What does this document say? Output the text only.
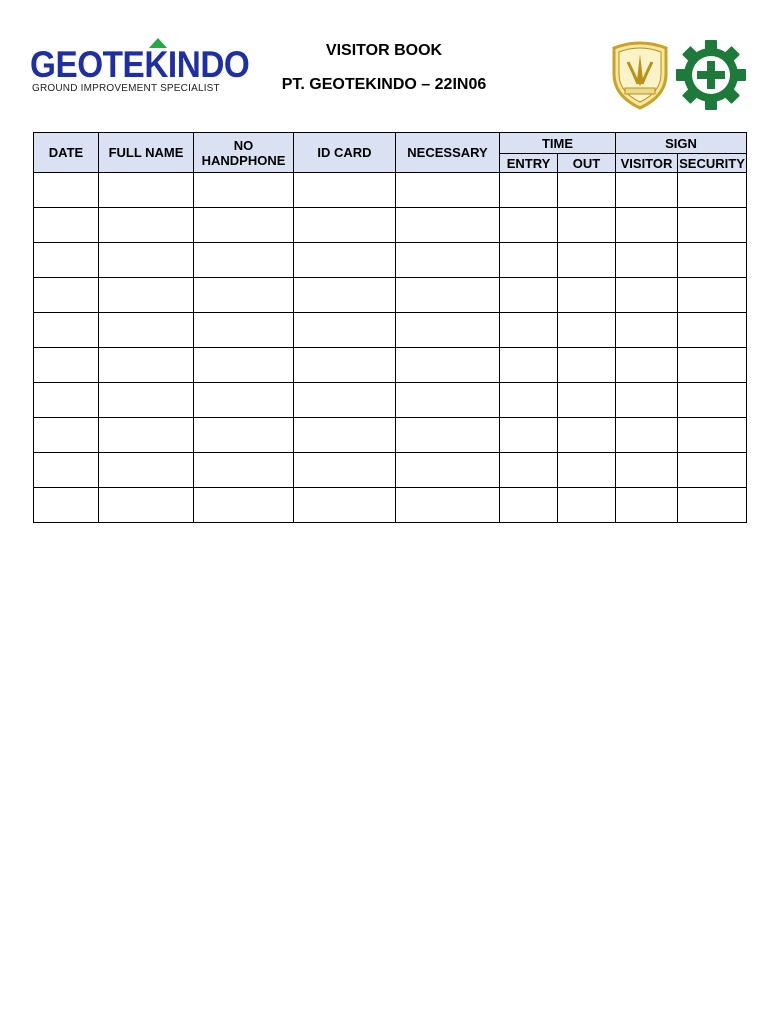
GEOTEKINDO
GROUND IMPROVEMENT SPECIALIST
VISITOR BOOK
PT. GEOTEKINDO – 22IN06
DATE	FULL NAME	NO HANDPHONE	ID CARD	NECESSARY	TIME		SIGN	
					ENTRY	OUT	VISITOR	SECURITY
